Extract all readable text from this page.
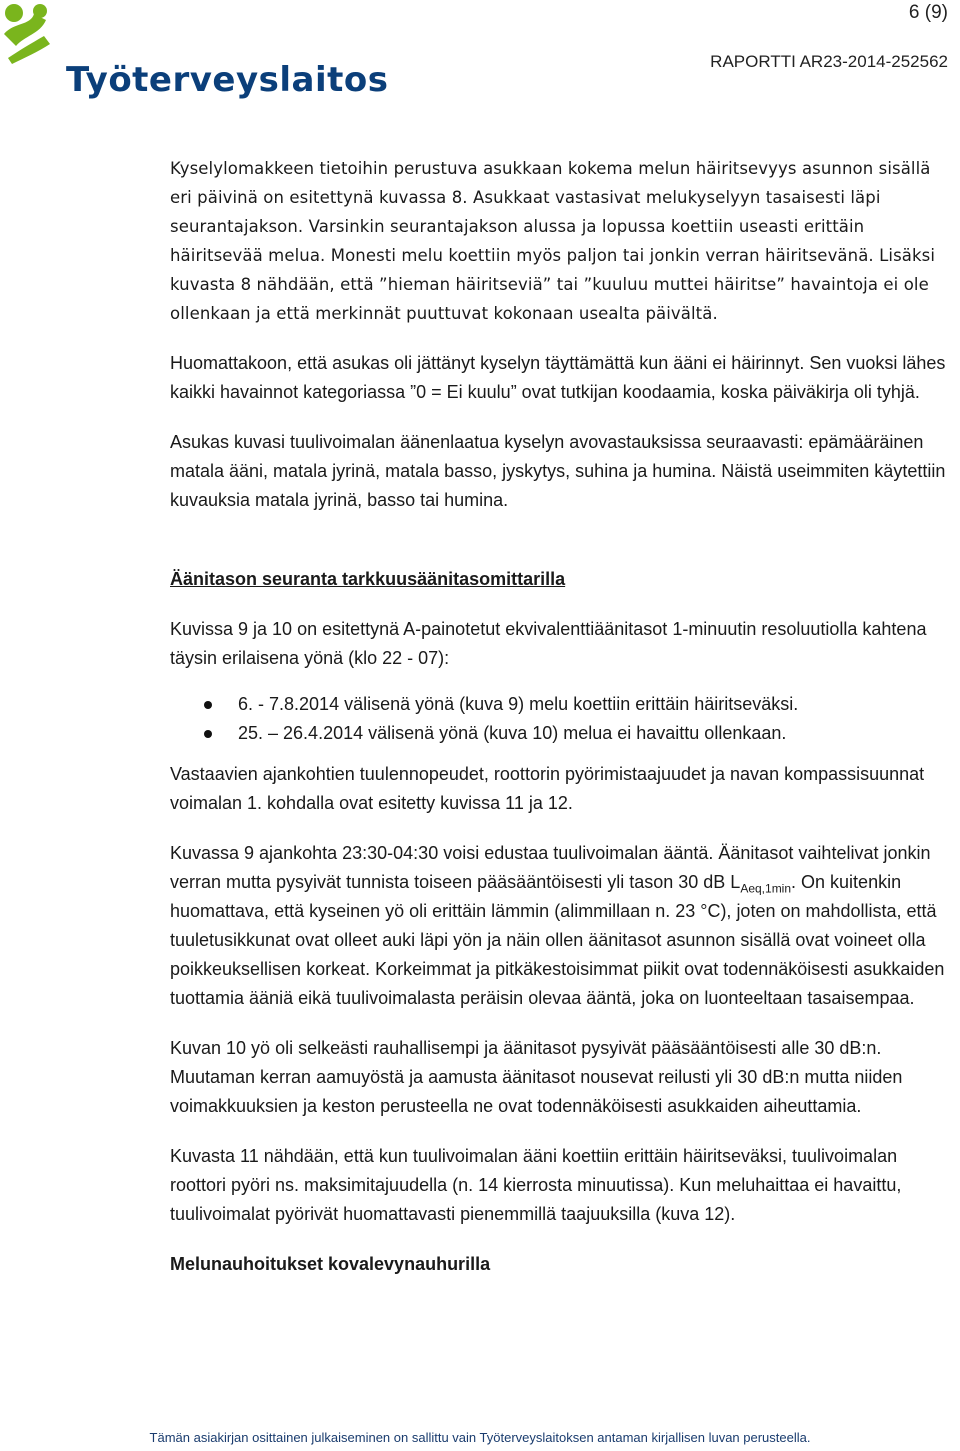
Työterveyslaitos
6 (9)
RAPORTTI AR23-2014-252562

Kyselylomakkeen tietoihin perustuva asukkaan kokema melun häiritsevyys asunnon sisällä eri päivinä on esitettynä kuvassa 8. Asukkaat vastasivat melukyselyyn tasaisesti läpi seurantajakson. Varsinkin seurantajakson alussa ja lopussa koettiin useasti erittäin häiritsevää melua. Monesti melu koettiin myös paljon tai jonkin verran häiritsevänä. Lisäksi kuvasta 8 nähdään, että ”hieman häiritseviä” tai ”kuuluu muttei häiritse” havaintoja ei ole ollenkaan ja että merkinnät puuttuvat kokonaan usealta päivältä.

Huomattakoon, että asukas oli jättänyt kyselyn täyttämättä kun ääni ei häirinnyt. Sen vuoksi lähes kaikki havainnot kategoriassa ”0 = Ei kuulu” ovat tutkijan koodaamia, koska päiväkirja oli tyhjä.

Asukas kuvasi tuulivoimalan äänenlaatua kyselyn avovastauksissa seuraavasti: epämääräinen matala ääni, matala jyrinä, matala basso, jyskytys, suhina ja humina. Näistä useimmiten käytettiin kuvauksia matala jyrinä, basso tai humina.

Äänitason seuranta tarkkuusäänitasomittarilla

Kuvissa 9 ja 10 on esitettynä A-painotetut ekvivalenttiäänitasot 1-minuutin resoluutiolla kahtena täysin erilaisena yönä (klo 22 - 07):

6. - 7.8.2014 välisenä yönä (kuva 9) melu koettiin erittäin häiritseväksi.
25. – 26.4.2014 välisenä yönä (kuva 10) melua ei havaittu ollenkaan.

Vastaavien ajankohtien tuulennopeudet, roottorin pyörimistaajuudet ja navan kompassisuunnat voimalan 1. kohdalla ovat esitetty kuvissa 11 ja 12.

Kuvassa 9 ajankohta 23:30-04:30 voisi edustaa tuulivoimalan ääntä. Äänitasot vaihtelivat jonkin verran mutta pysyivät tunnista toiseen pääsääntöisesti yli tason 30 dB $L_{Aeq,1min}$. On kuitenkin huomattava, että kyseinen yö oli erittäin lämmin (alimmillaan n. 23 °C), joten on mahdollista, että tuuletusikkunat ovat olleet auki läpi yön ja näin ollen äänitasot asunnon sisällä ovat voineet olla poikkeuksellisen korkeat. Korkeimmat ja pitkäkestoisimmat piikit ovat todennäköisesti asukkaiden tuottamia ääniä eikä tuulivoimalasta peräisin olevaa ääntä, joka on luonteeltaan tasaisempaa.

Kuvan 10 yö oli selkeästi rauhallisempi ja äänitasot pysyivät pääsääntöisesti alle 30 dB:n. Muutaman kerran aamuyöstä ja aamusta äänitasot nousevat reilusti yli 30 dB:n mutta niiden voimakkuuksien ja keston perusteella ne ovat todennäköisesti asukkaiden aiheuttamia.

Kuvasta 11 nähdään, että kun tuulivoimalan ääni koettiin erittäin häiritseväksi, tuulivoimalan roottori pyöri ns. maksimitajuudella (n. 14 kierrosta minuutissa). Kun meluhaittaa ei havaittu, tuulivoimalat pyörivät huomattavasti pienemmillä taajuuksilla (kuva 12).

Melunauhoitukset kovalevynauhurilla

Tämän asiakirjan osittainen julkaiseminen on sallittu vain Työterveyslaitoksen antaman kirjallisen luvan perusteella.
